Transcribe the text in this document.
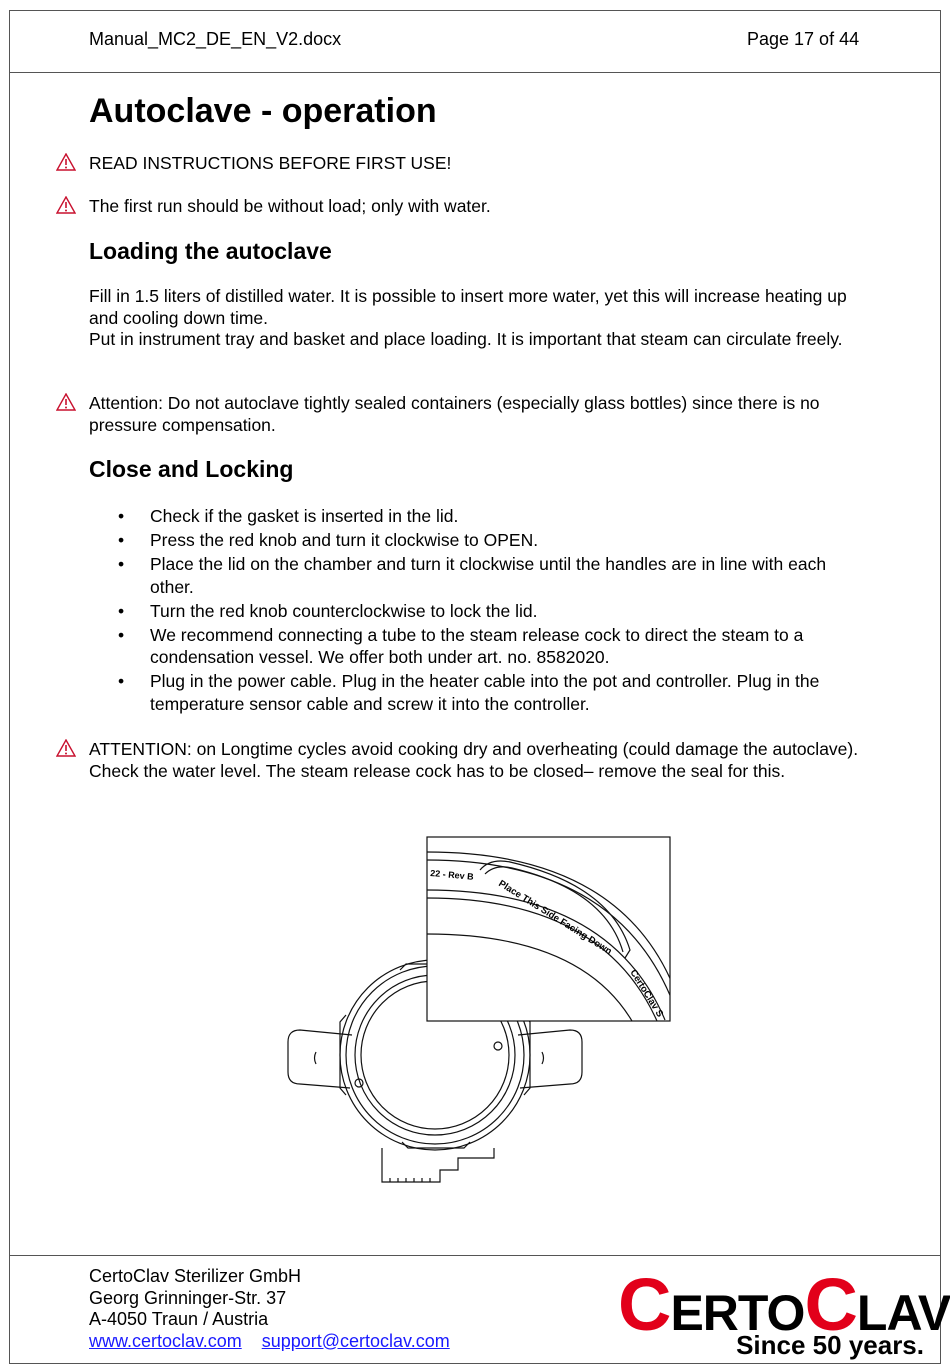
Manual_MC2_DE_EN_V2.docx	Page 17 of 44
Autoclave - operation
READ INSTRUCTIONS BEFORE FIRST USE!
The first run should be without load; only with water.
Loading the autoclave
Fill in 1.5 liters of distilled water. It is possible to insert more water, yet this will increase heating up and cooling down time.
Put in instrument tray and basket and place loading. It is important that steam can circulate freely.
Attention: Do not autoclave tightly sealed containers (especially glass bottles) since there is no pressure compensation.
Close and Locking
• Check if the gasket is inserted in the lid.
• Press the red knob and turn it clockwise to OPEN.
• Place the lid on the chamber and turn it clockwise until the handles are in line with each other.
• Turn the red knob counterclockwise to lock the lid.
• We recommend connecting a tube to the steam release cock to direct the steam to a condensation vessel. We offer both under art. no. 8582020.
• Plug in the power cable. Plug in the heater cable into the pot and controller. Plug in the temperature sensor cable and screw it into the controller.
ATTENTION: on Longtime cycles avoid cooking dry and overheating (could damage the autoclave). Check the water level. The steam release cock has to be closed– remove the seal for this.
22 - Rev B
Place This Side Facing Down
CertoClav S
CertoClav Sterilizer GmbH
Georg Grinninger-Str. 37
A-4050 Traun / Austria
www.certoclav.com support@certoclav.com CERTOCLAV
Since 50 years.
